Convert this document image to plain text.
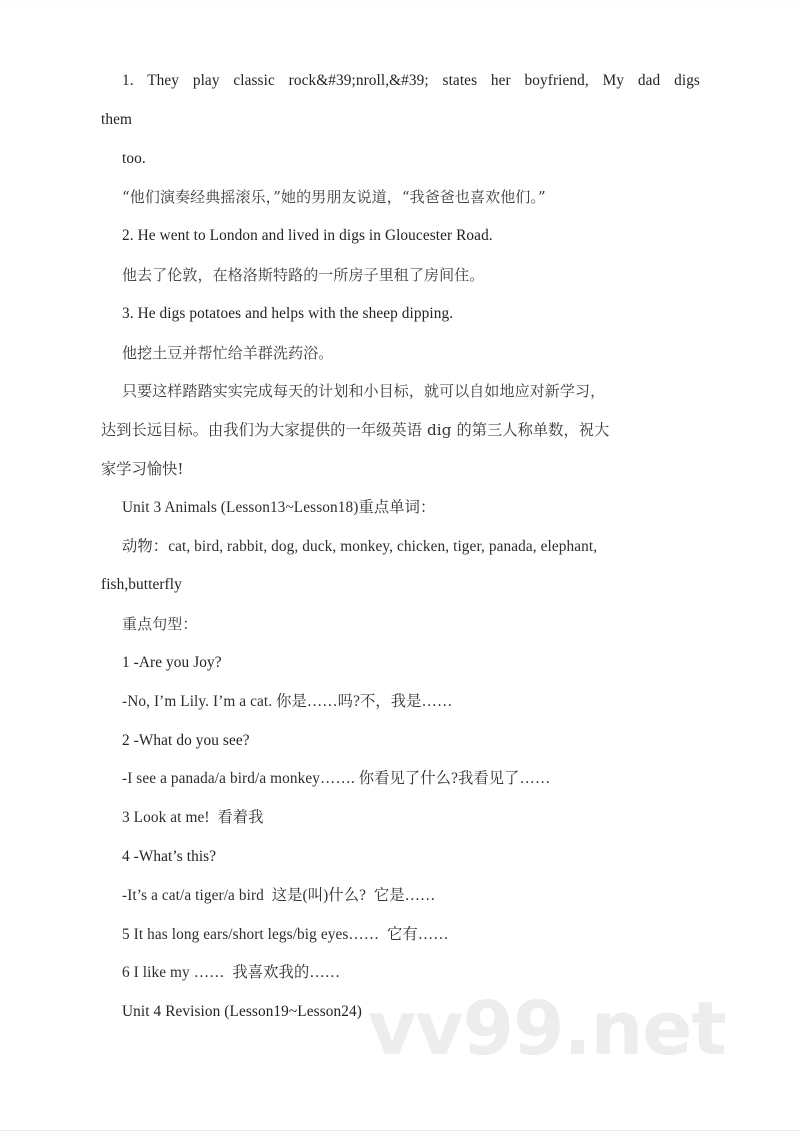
vv99.net

1. They play classic rock&#39;nroll,&#39; states her boyfriend, My dad digs

them

too.

“他们演奏经典摇滚乐，”她的男朋友说道，“我爸爸也喜欢他们。”

2. He went to London and lived in digs in Gloucester Road.

他去了伦敦，在格洛斯特路的一所房子里租了房间住。

3. He digs potatoes and helps with the sheep dipping.

他挖土豆并帮忙给羊群洗药浴。

只要这样踏踏实实完成每天的计划和小目标，就可以自如地应对新学习，

达到长远目标。由我们为大家提供的一年级英语 dig 的第三人称单数，祝大

家学习愉快!

Unit 3 Animals (Lesson13~Lesson18)重点单词：

动物：cat, bird, rabbit, dog, duck, monkey, chicken, tiger, panada, elephant,

fish,butterfly

重点句型：

1 -Are you Joy?

-No, I’m Lily. I’m a cat. 你是……吗?不，我是……

2 -What do you see?

-I see a panada/a bird/a monkey……. 你看见了什么?我看见了……

3 Look at me!  看着我

4 -What’s this?

-It’s a cat/a tiger/a bird  这是(叫)什么?  它是……

5 It has long ears/short legs/big eyes……  它有……

6 I like my ……  我喜欢我的……

Unit 4 Revision (Lesson19~Lesson24)
